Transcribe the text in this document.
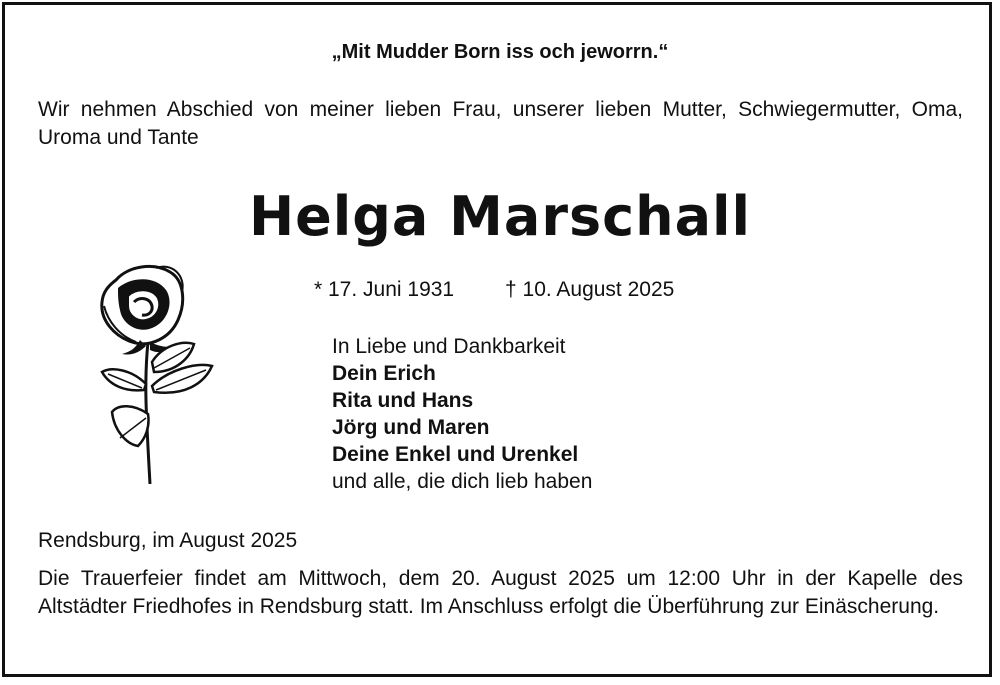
„Mit Mudder Born iss och jeworrn.“
Wir nehmen Abschied von meiner lieben Frau, unserer lieben Mutter, Schwiegermutter, Oma, Uroma und Tante
Helga Marschall
* 17. Juni 1931 † 10. August 2025
In Liebe und Dankbarkeit
Dein Erich
Rita und Hans
Jörg und Maren
Deine Enkel und Urenkel
und alle, die dich lieb haben
Rendsburg, im August 2025
Die Trauerfeier findet am Mittwoch, dem 20. August 2025 um 12:00 Uhr in der Kapelle des Altstädter Friedhofes in Rendsburg statt. Im Anschluss erfolgt die Überführung zur Einäscherung.
